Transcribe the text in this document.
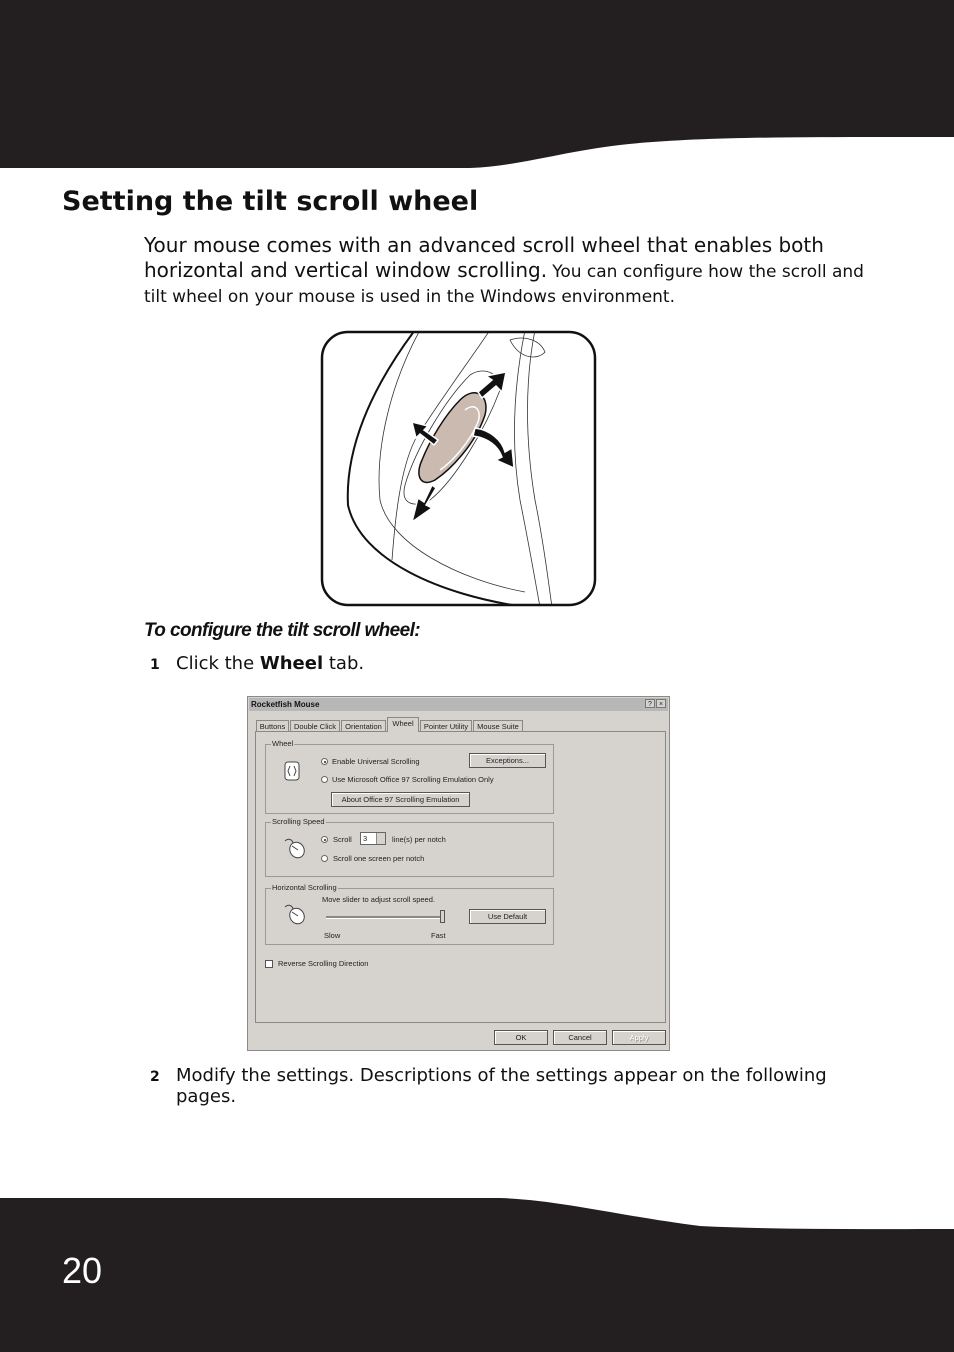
Setting the tilt scroll wheel

Your mouse comes with an advanced scroll wheel that enables both horizontal and vertical window scrolling. You can configure how the scroll and tilt wheel on your mouse is used in the Windows environment.

To configure the tilt scroll wheel:
1 Click the Wheel tab.
Rocketfish Mouse	?	×
Buttons	Double Click	Orientation	Wheel	Pointer Utility	Mouse Suite
Wheel
Enable Universal Scrolling
Use Microsoft Office 97 Scrolling Emulation Only
Exceptions...
About Office 97 Scrolling Emulation
Scrolling Speed
Scroll	3	line(s) per notch
Scroll one screen per notch
Horizontal Scrolling
Move slider to adjust scroll speed.
Slow	Fast
Use Default
Reverse Scrolling Direction
OK	Cancel	Apply
2 Modify the settings. Descriptions of the settings appear on the following pages.
20
